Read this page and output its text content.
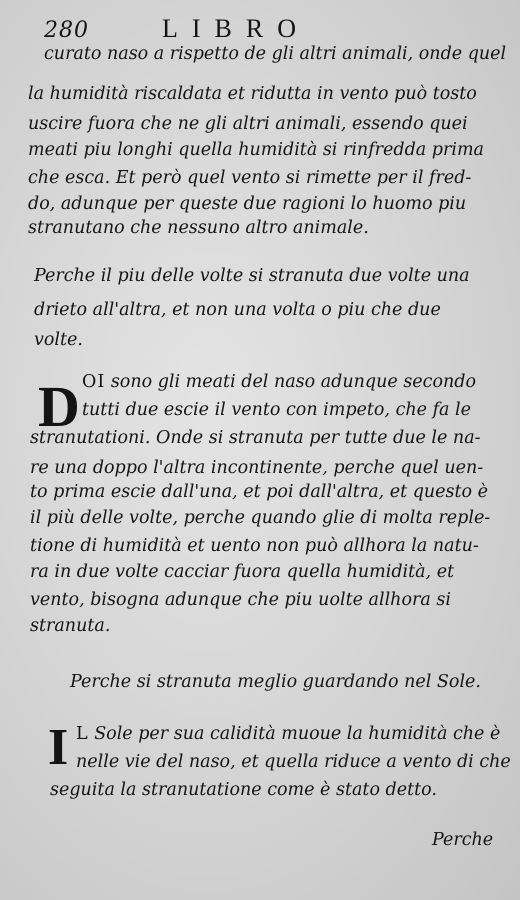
280	LIBRO
curato naso a rispetto de gli altri animali, onde quel
la humidità riscaldata et ridutta in vento può tosto
uscire fuora che ne gli altri animali, essendo quei
meati piu longhi quella humidità si rinfredda prima
che esca. Et però quel vento si rimette per il fred-
do, adunque per queste due ragioni lo huomo piu
stranutano che nessuno altro animale.
Perche il piu delle volte si stranuta due volte una
drieto all'altra, et non una volta o piu che due
volte.
D OI sono gli meati del naso adunque secondo
tutti due escie il vento con impeto, che fa le
stranutationi. Onde si stranuta per tutte due le na-
re una doppo l'altra incontinente, perche quel uen-
to prima escie dall'una, et poi dall'altra, et questo è
il più delle volte, perche quando glie di molta reple-
tione di humidità et uento non può allhora la natu-
ra in due volte cacciar fuora quella humidità, et
vento, bisogna adunque che piu uolte allhora si
stranuta.
Perche si stranuta meglio guardando nel Sole.
I L Sole per sua calidità muoue la humidità che è
nelle vie del naso, et quella riduce a vento di che
seguita la stranutatione come è stato detto.
Perche
